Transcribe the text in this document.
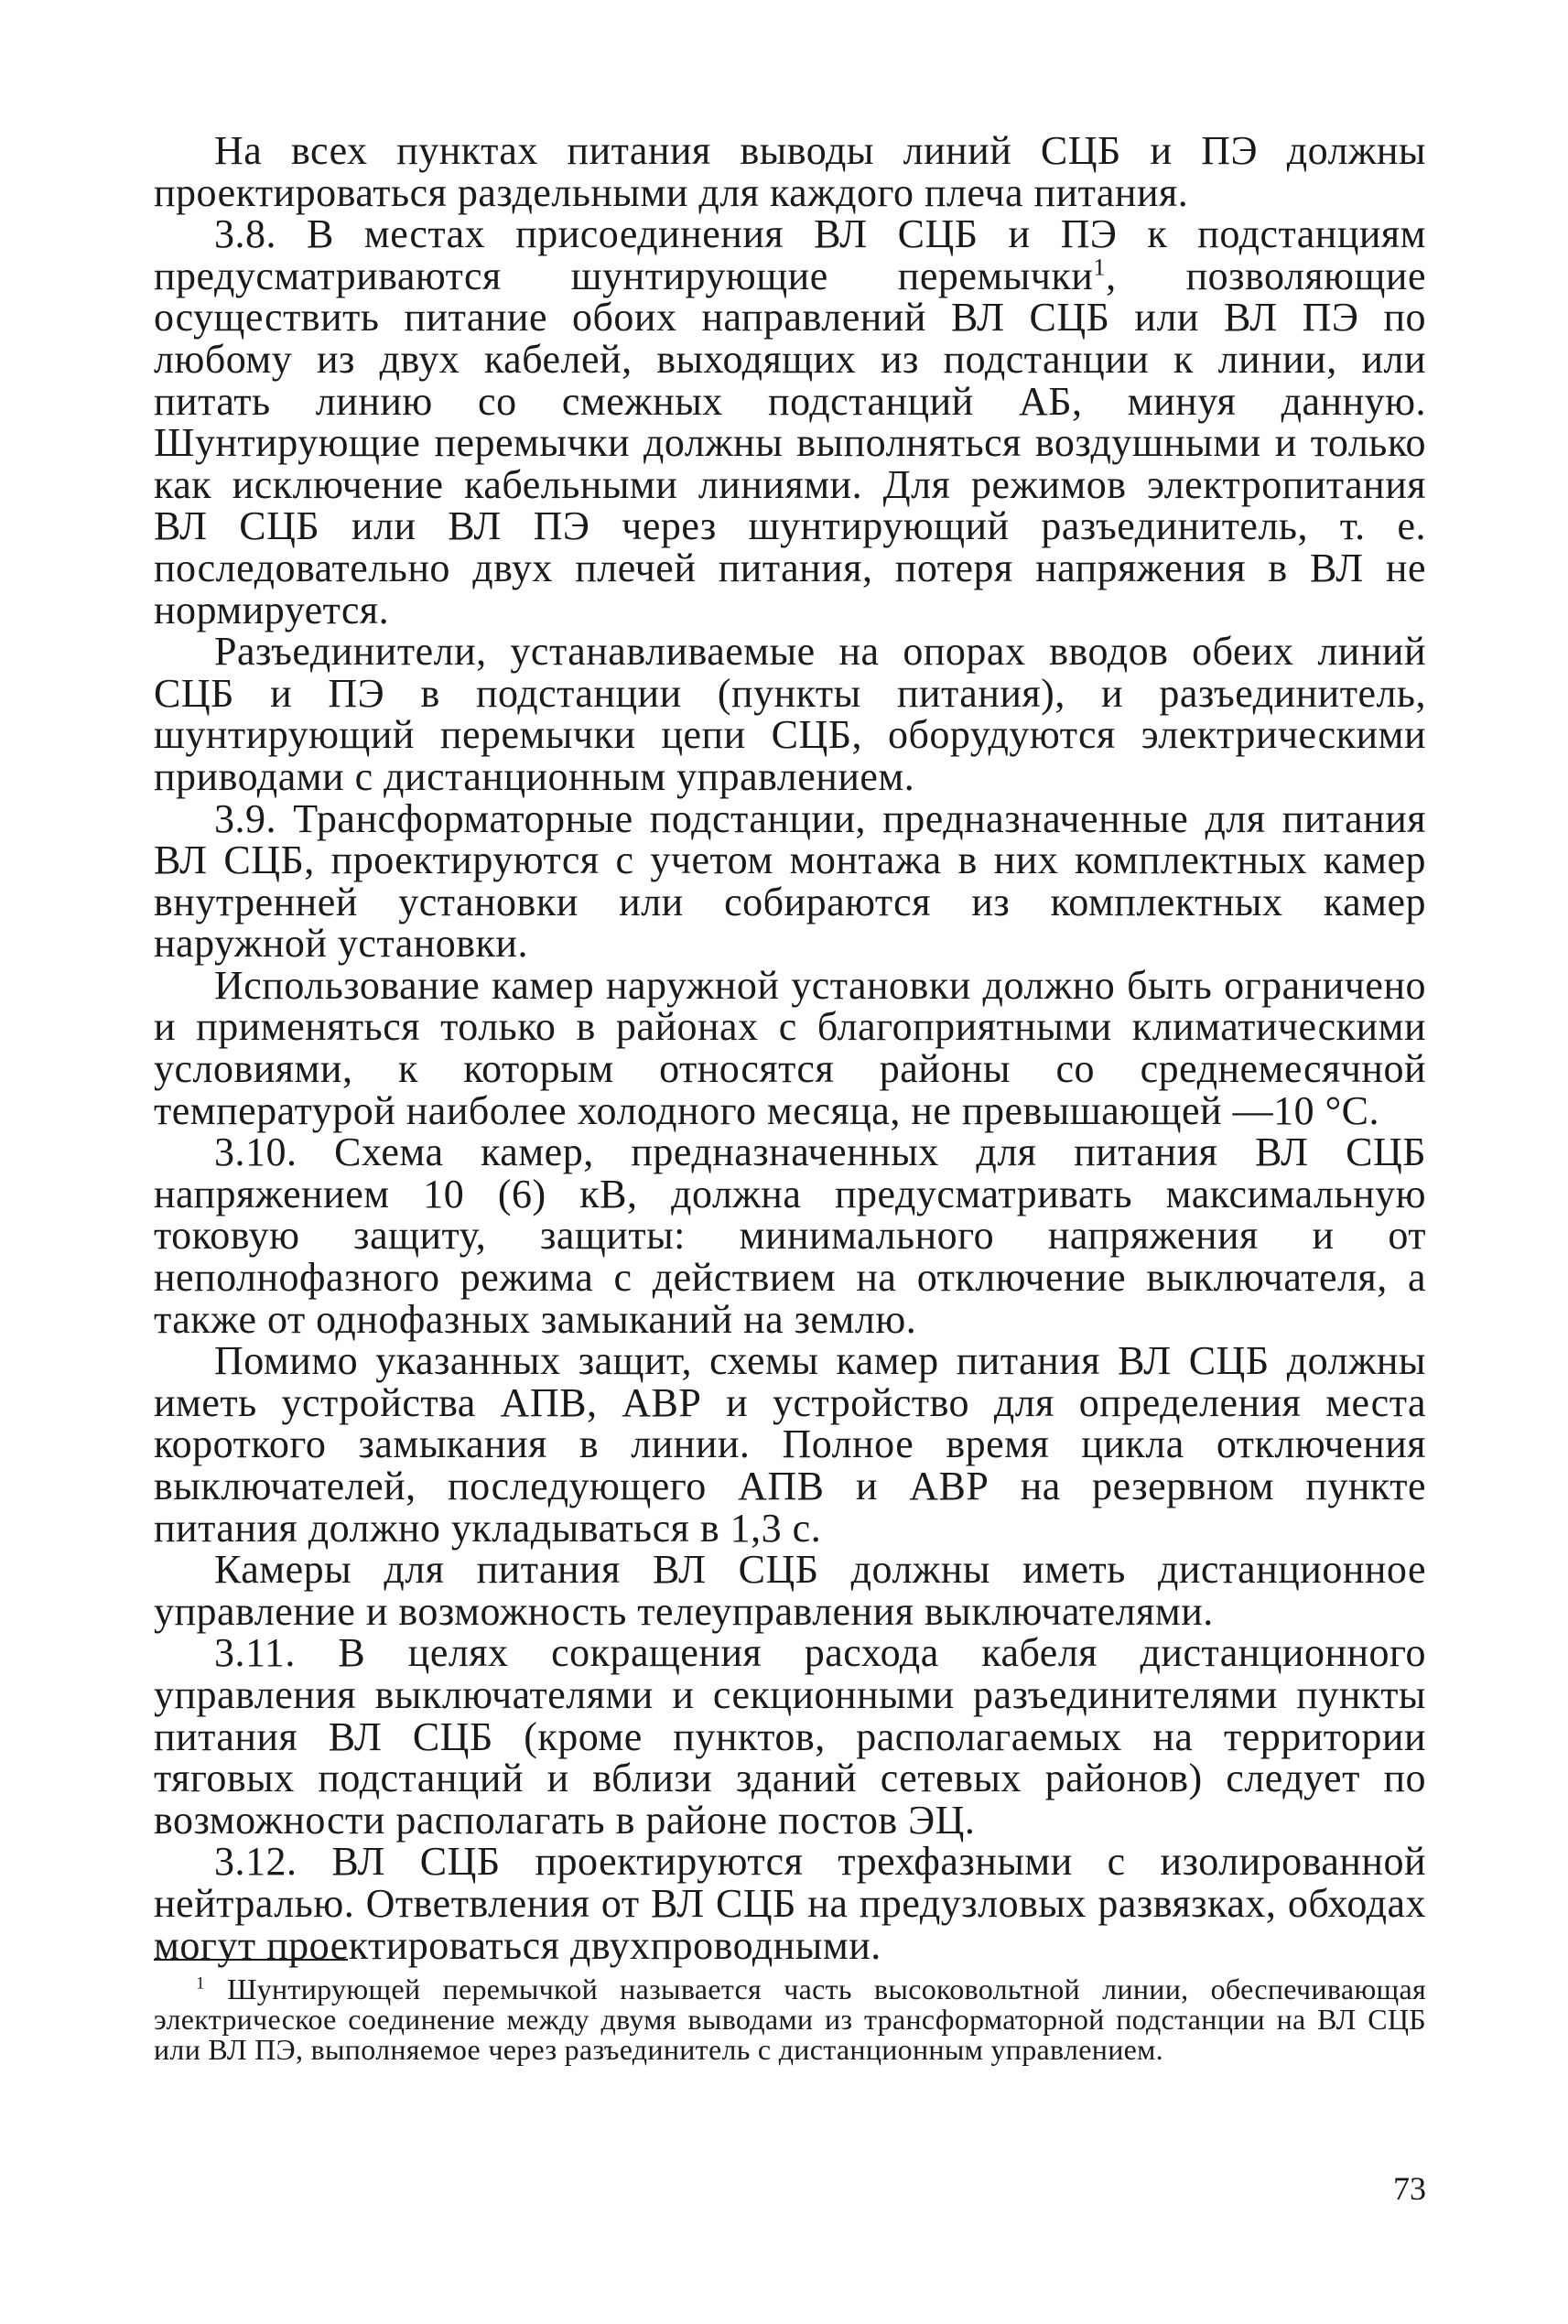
На всех пунктах питания выводы линий СЦБ и ПЭ должны проектироваться раздельными для каждого плеча питания.

3.8. В местах присоединения ВЛ СЦБ и ПЭ к подстанциям предусматриваются шунтирующие перемычки$^1$, позволяющие осуществить питание обоих направлений ВЛ СЦБ или ВЛ ПЭ по любому из двух кабелей, выходящих из подстанции к линии, или питать линию со смежных подстанций АБ, минуя данную. Шунтирующие перемычки должны выполняться воздушными и только как исключение кабельными линиями. Для режимов электропитания ВЛ СЦБ или ВЛ ПЭ через шунтирующий разъединитель, т. е. последовательно двух плечей питания, потеря напряжения в ВЛ не нормируется.

Разъединители, устанавливаемые на опорах вводов обеих линий СЦБ и ПЭ в подстанции (пункты питания), и разъединитель, шунтирующий перемычки цепи СЦБ, оборудуются электрическими приводами с дистанционным управлением.

3.9. Трансформаторные подстанции, предназначенные для питания ВЛ СЦБ, проектируются с учетом монтажа в них комплектных камер внутренней установки или собираются из комплектных камер наружной установки.

Использование камер наружной установки должно быть ограничено и применяться только в районах с благоприятными климатическими условиями, к которым относятся районы со среднемесячной температурой наиболее холодного месяца, не превышающей —10 °С.

3.10. Схема камер, предназначенных для питания ВЛ СЦБ напряжением 10 (6) кВ, должна предусматривать максимальную токовую защиту, защиты: минимального напряжения и от неполнофазного режима с действием на отключение выключателя, а также от однофазных замыканий на землю.

Помимо указанных защит, схемы камер питания ВЛ СЦБ должны иметь устройства АПВ, АВР и устройство для определения места короткого замыкания в линии. Полное время цикла отключения выключателей, последующего АПВ и АВР на резервном пункте питания должно укладываться в 1,3 с.

Камеры для питания ВЛ СЦБ должны иметь дистанционное управление и возможность телеуправления выключателями.

3.11. В целях сокращения расхода кабеля дистанционного управления выключателями и секционными разъединителями пункты питания ВЛ СЦБ (кроме пунктов, располагаемых на территории тяговых подстанций и вблизи зданий сетевых районов) следует по возможности располагать в районе постов ЭЦ.

3.12. ВЛ СЦБ проектируются трехфазными с изолированной нейтралью. Ответвления от ВЛ СЦБ на предузловых развязках, обходах могут проектироваться двухпроводными.

$^1$ Шунтирующей перемычкой называется часть высоковольтной линии, обеспечивающая электрическое соединение между двумя выводами из трансформаторной подстанции на ВЛ СЦБ или ВЛ ПЭ, выполняемое через разъединитель с дистанционным управлением.
73
